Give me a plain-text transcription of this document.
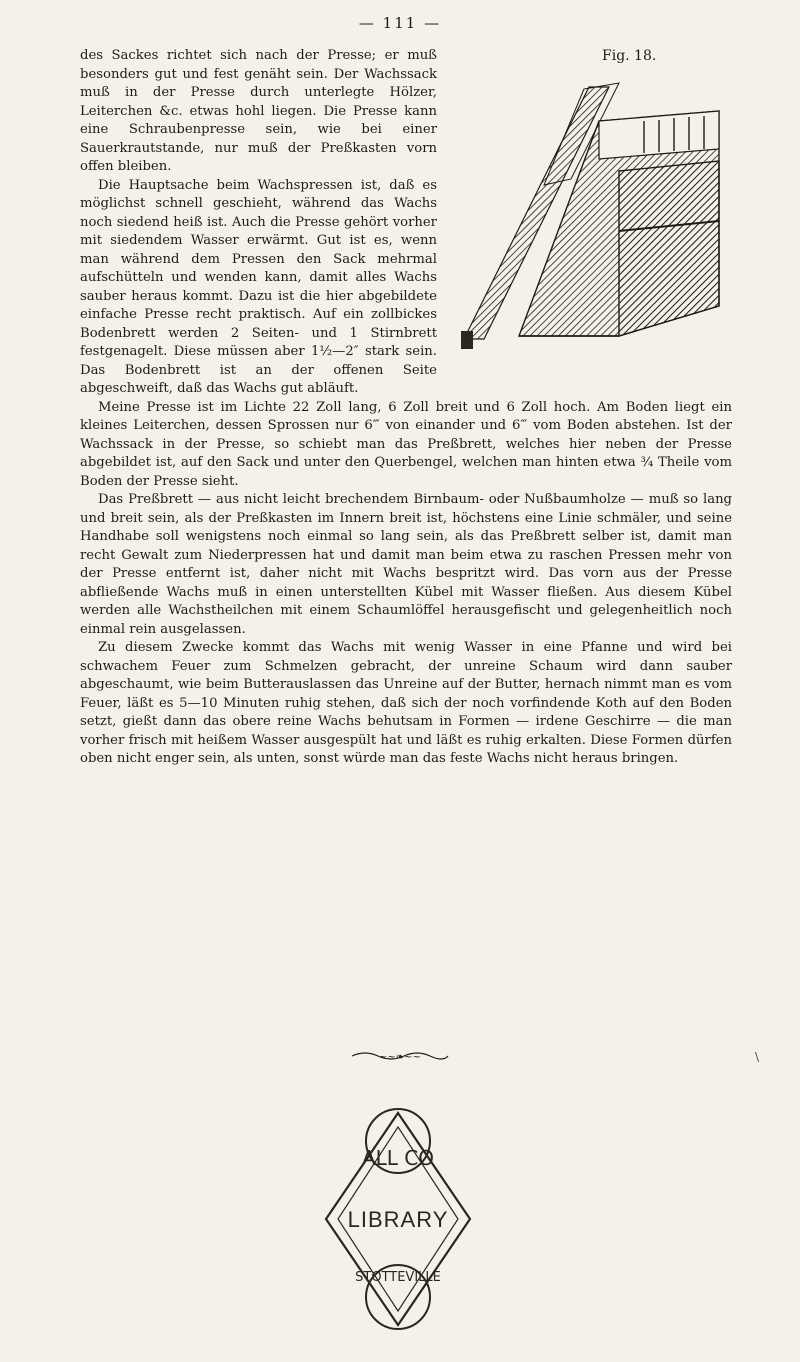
— 111 —
Fig. 18.

des Sackes richtet sich nach der Presse; er muß besonders gut und fest genäht sein. Der Wachssack muß in der Presse durch unterlegte Hölzer, Leiterchen &c. etwas hohl liegen. Die Presse kann eine Schraubenpresse sein, wie bei einer Sauerkrautstande, nur muß der Preßkasten vorn offen bleiben.

Die Hauptsache beim Wachspressen ist, daß es möglichst schnell geschieht, während das Wachs noch siedend heiß ist. Auch die Presse gehört vorher mit siedendem Wasser erwärmt. Gut ist es, wenn man während dem Pressen den Sack mehrmal aufschütteln und wenden kann, damit alles Wachs sauber heraus kommt. Dazu ist die hier abgebildete einfache Presse recht praktisch. Auf ein zollbickes Bodenbrett werden 2 Seiten- und 1 Stirnbrett festgenagelt. Diese müssen aber 1½—2″ stark sein. Das Bodenbrett ist an der offenen Seite abgeschweift, daß das Wachs gut abläuft.

Meine Presse ist im Lichte 22 Zoll lang, 6 Zoll breit und 6 Zoll hoch. Am Boden liegt ein kleines Leiterchen, dessen Sprossen nur 6‴ von einander und 6‴ vom Boden abstehen. Ist der Wachssack in der Presse, so schiebt man das Preßbrett, welches hier neben der Presse abgebildet ist, auf den Sack und unter den Querbengel, welchen man hinten etwa ¾ Theile vom Boden der Presse sieht.

Das Preßbrett — aus nicht leicht brechendem Birnbaum- oder Nußbaumholze — muß so lang und breit sein, als der Preßkasten im Innern breit ist, höchstens eine Linie schmäler, und seine Handhabe soll wenigstens noch einmal so lang sein, als das Preßbrett selber ist, damit man recht Gewalt zum Niederpressen hat und damit man beim etwa zu raschen Pressen mehr von der Presse entfernt ist, daher nicht mit Wachs bespritzt wird. Das vorn aus der Presse abfließende Wachs muß in einen unterstellten Kübel mit Wasser fließen. Aus diesem Kübel werden alle Wachstheilchen mit einem Schaumlöffel herausgefischt und gelegenheitlich noch einmal rein ausgelassen.

Zu diesem Zwecke kommt das Wachs mit wenig Wasser in eine Pfanne und wird bei schwachem Feuer zum Schmelzen gebracht, der unreine Schaum wird dann sauber abgeschaumt, wie beim Butterauslassen das Unreine auf der Butter, hernach nimmt man es vom Feuer, läßt es 5—10 Minuten ruhig stehen, daß sich der noch vorfindende Koth auf den Boden setzt, gießt dann das obere reine Wachs behutsam in Formen — irdene Geschirre — die man vorher frisch mit heißem Wasser ausgespült hat und läßt es ruhig erkalten. Diese Formen dürfen oben nicht enger sein, als unten, sonst würde man das feste Wachs nicht heraus bringen.

~~❧~~	\
ALL CO
LIBRARY
STOTTEVILLE
